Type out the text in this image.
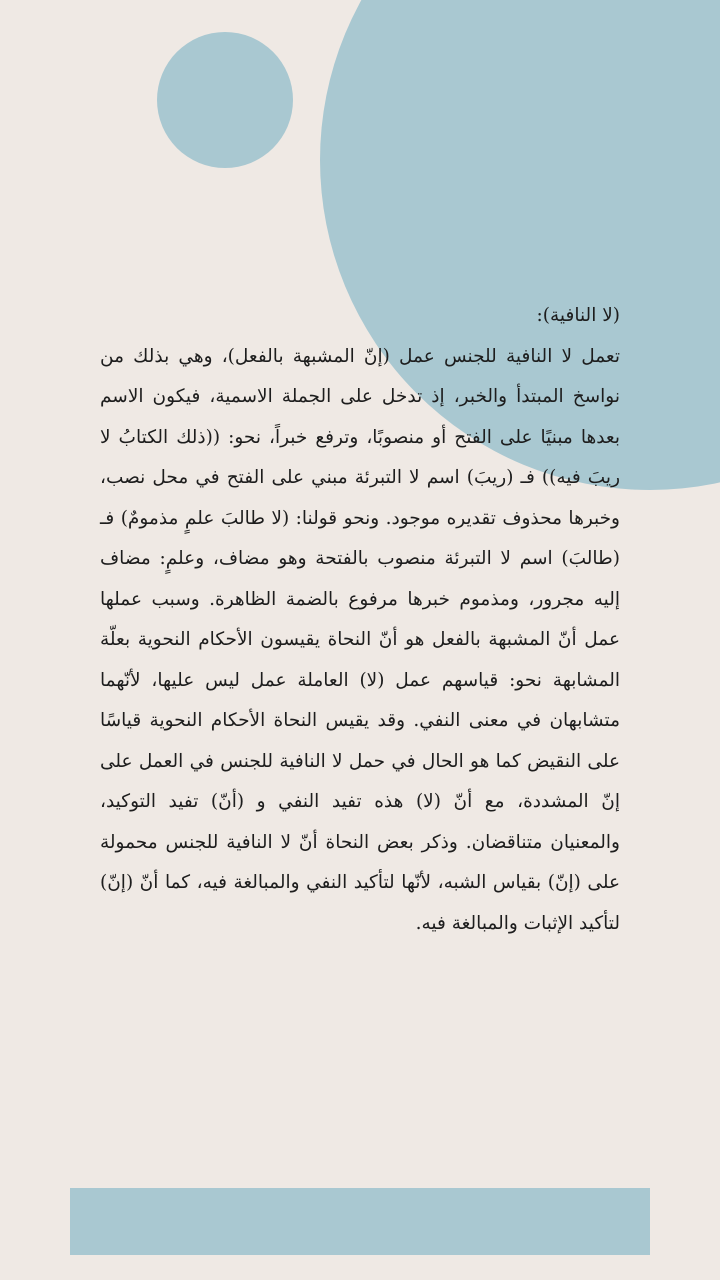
(لا النافية):

تعمل لا النافية للجنس عمل (إنّ المشبهة بالفعل)، وهي بذلك من نواسخ المبتدأ والخبر، إذ تدخل على الجملة الاسمية، فيكون الاسم بعدها مبنيًا على الفتح أو منصوبًا، وترفع خبراً، نحو: ((ذلك الكتابُ لا ريبَ فيه)) فـ (ريبَ) اسم لا التبرئة مبني على الفتح في محل نصب، وخبرها محذوف تقديره موجود. ونحو قولنا: (لا طالبَ علمٍ مذمومٌ) فـ (طالبَ) اسم لا التبرئة منصوب بالفتحة وهو مضاف، وعلمٍ: مضاف إليه مجرور، ومذموم خبرها مرفوع بالضمة الظاهرة. وسبب عملها عمل أنّ المشبهة بالفعل هو أنّ النحاة يقيسون الأحكام النحوية بعلّة المشابهة نحو: قياسهم عمل (لا) العاملة عمل ليس عليها، لأنّهما متشابهان في معنى النفي. وقد يقيس النحاة الأحكام النحوية قياسًا على النقيض كما هو الحال في حمل لا النافية للجنس في العمل على إنّ المشددة، مع أنّ (لا) هذه تفيد النفي و (أنّ) تفيد التوكيد، والمعنيان متناقضان. وذكر بعض النحاة أنّ لا النافية للجنس محمولة على (إنّ) بقياس الشبه، لأنّها لتأكيد النفي والمبالغة فيه، كما أنّ (إنّ) لتأكيد الإثبات والمبالغة فيه.
